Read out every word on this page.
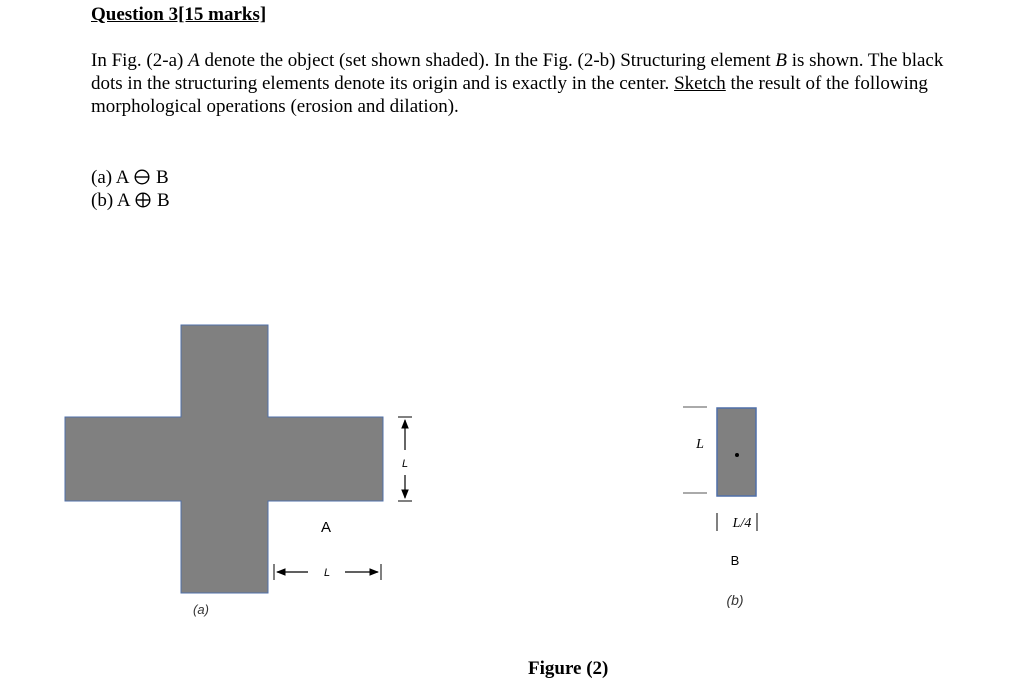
Question 3[15 marks]
In Fig. (2-a) A denote the object (set shown shaded). In the Fig. (2-b) Structuring element B is shown. The black dots in the structuring elements denote its origin and is exactly in the center. Sketch the result of the following morphological operations (erosion and dilation).
(a) A B
(b) A B
A
L
L
(a)
L
L/4
B
(b)
Figure (2)
